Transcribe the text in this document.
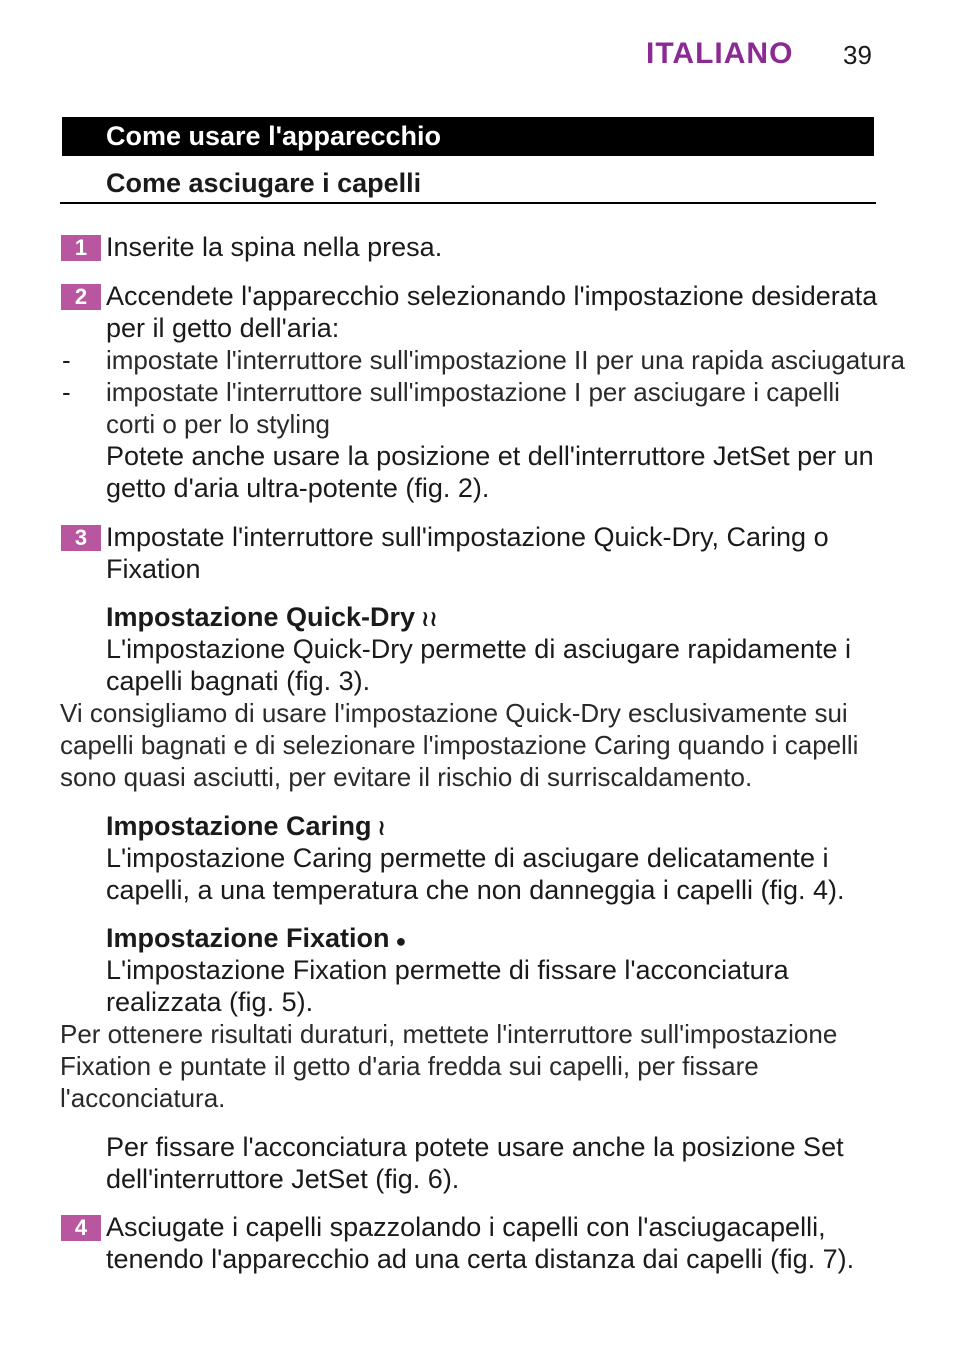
ITALIANO 39
Come usare l'apparecchio
Come asciugare i capelli
1 Inserite la spina nella presa.
2 Accendete l'apparecchio selezionando l'impostazione desiderata
per il getto dell'aria:
- impostate l'interruttore sull'impostazione II per una rapida asciugatura
- impostate l'interruttore sull'impostazione I per asciugare i capelli
corti o per lo styling
Potete anche usare la posizione et dell'interruttore JetSet per un
getto d'aria ultra-potente (fig. 2).
3 Impostate l'interruttore sull'impostazione Quick-Dry, Caring o
Fixation
Impostazione Quick-Dry ≀≀
L'impostazione Quick-Dry permette di asciugare rapidamente i
capelli bagnati (fig. 3).
Vi consigliamo di usare l'impostazione Quick-Dry esclusivamente sui
capelli bagnati e di selezionare l'impostazione Caring quando i capelli
sono quasi asciutti, per evitare il rischio di surriscaldamento.
Impostazione Caring ≀
L'impostazione Caring permette di asciugare delicatamente i
capelli, a una temperatura che non danneggia i capelli (fig. 4).
Impostazione Fixation ●
L'impostazione Fixation permette di fissare l'acconciatura
realizzata (fig. 5).
Per ottenere risultati duraturi, mettete l'interruttore sull'impostazione
Fixation e puntate il getto d'aria fredda sui capelli, per fissare
l'acconciatura.
Per fissare l'acconciatura potete usare anche la posizione Set
dell'interruttore JetSet (fig. 6).
4 Asciugate i capelli spazzolando i capelli con l'asciugacapelli,
tenendo l'apparecchio ad una certa distanza dai capelli (fig. 7).
